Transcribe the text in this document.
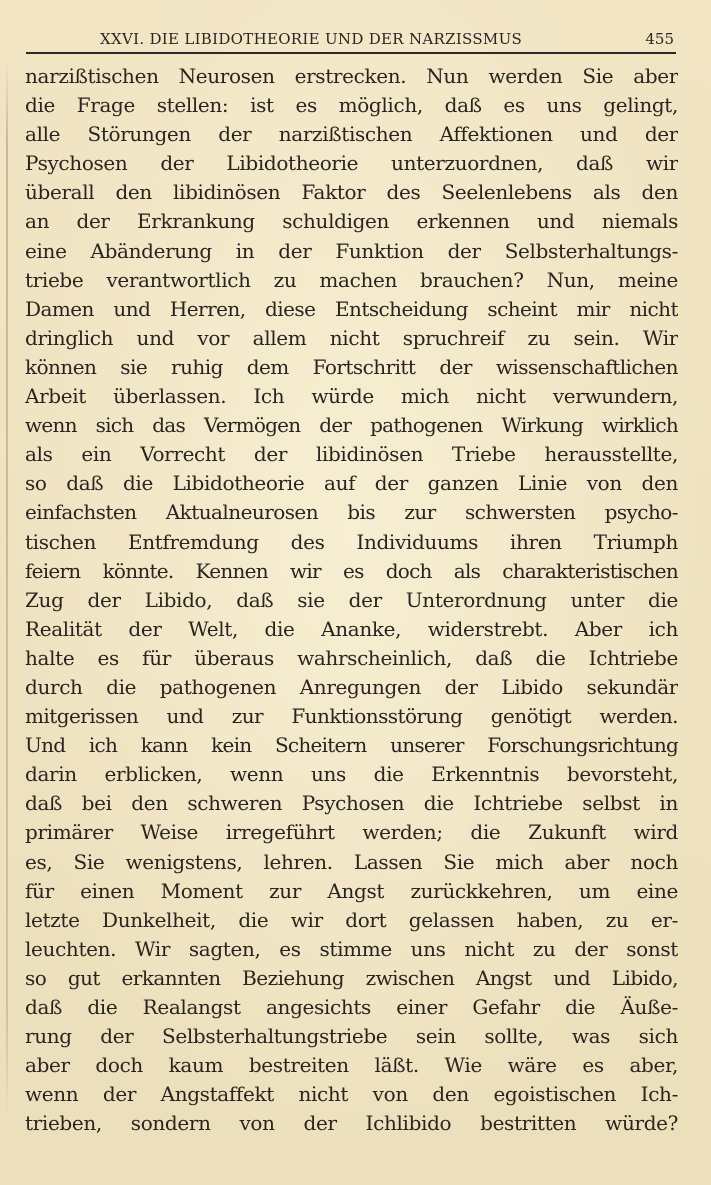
XXVI. DIE LIBIDOTHEORIE UND DER NARZISSMUS	455
narzißtischen Neurosen erstrecken. Nun werden Sie aber
die Frage stellen: ist es möglich, daß es uns gelingt,
alle Störungen der narzißtischen Affektionen und der
Psychosen der Libidotheorie unterzuordnen, daß wir
überall den libidinösen Faktor des Seelenlebens als den
an der Erkrankung schuldigen erkennen und niemals
eine Abänderung in der Funktion der Selbsterhaltungs-
triebe verantwortlich zu machen brauchen? Nun, meine
Damen und Herren, diese Entscheidung scheint mir nicht
dringlich und vor allem nicht spruchreif zu sein. Wir
können sie ruhig dem Fortschritt der wissenschaftlichen
Arbeit überlassen. Ich würde mich nicht verwundern,
wenn sich das Vermögen der pathogenen Wirkung wirklich
als ein Vorrecht der libidinösen Triebe herausstellte,
so daß die Libidotheorie auf der ganzen Linie von den
einfachsten Aktualneurosen bis zur schwersten psycho-
tischen Entfremdung des Individuums ihren Triumph
feiern könnte. Kennen wir es doch als charakteristischen
Zug der Libido, daß sie der Unterordnung unter die
Realität der Welt, die Ananke, widerstrebt. Aber ich
halte es für überaus wahrscheinlich, daß die Ichtriebe
durch die pathogenen Anregungen der Libido sekundär
mitgerissen und zur Funktionsstörung genötigt werden.
Und ich kann kein Scheitern unserer Forschungsrichtung
darin erblicken, wenn uns die Erkenntnis bevorsteht,
daß bei den schweren Psychosen die Ichtriebe selbst in
primärer Weise irregeführt werden; die Zukunft wird
es, Sie wenigstens, lehren. Lassen Sie mich aber noch
für einen Moment zur Angst zurückkehren, um eine
letzte Dunkelheit, die wir dort gelassen haben, zu er-
leuchten. Wir sagten, es stimme uns nicht zu der sonst
so gut erkannten Beziehung zwischen Angst und Libido,
daß die Realangst angesichts einer Gefahr die Äuße-
rung der Selbsterhaltungstriebe sein sollte, was sich
aber doch kaum bestreiten läßt. Wie wäre es aber,
wenn der Angstaffekt nicht von den egoistischen Ich-
trieben, sondern von der Ichlibido bestritten würde?
